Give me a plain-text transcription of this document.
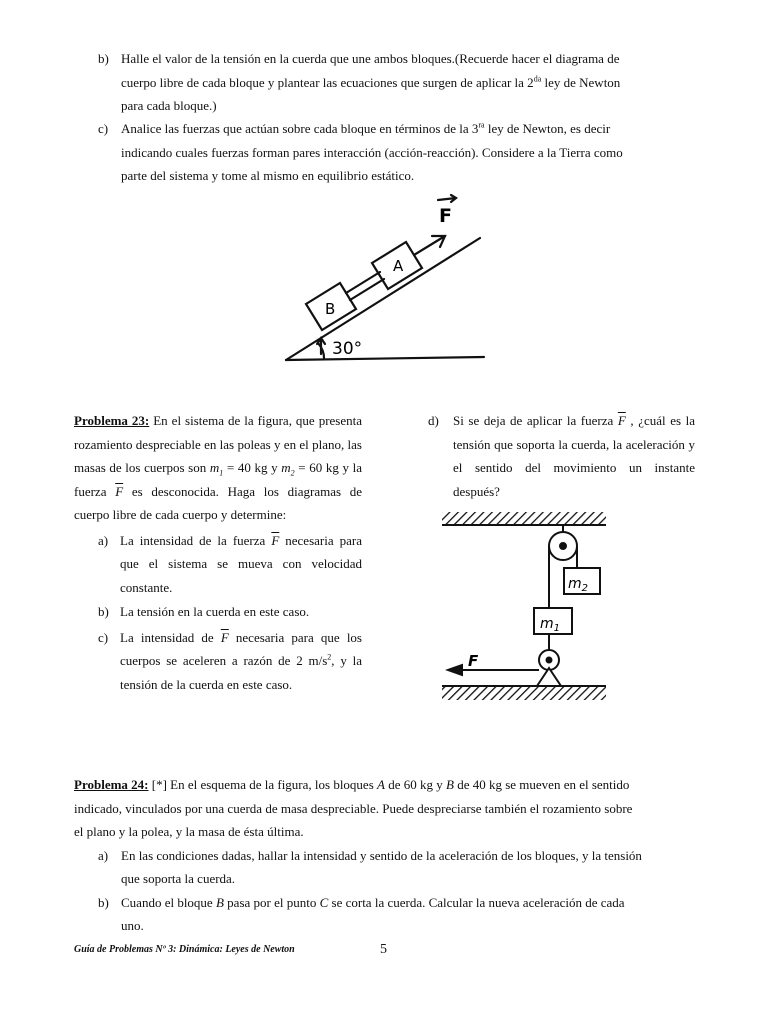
b) Halle el valor de la tensión en la cuerda que une ambos bloques.(Recuerde hacer el diagrama de
cuerpo libre de cada bloque y plantear las ecuaciones que surgen de aplicar la $2^{da}$ ley de Newton
para cada bloque.)
c) Analice las fuerzas que actúan sobre cada bloque en términos de la $3^{ra}$ ley de Newton, es decir
indicando cuales fuerzas forman pares interacción (acción-reacción). Considere a la Tierra como
parte del sistema y tome al mismo en equilibrio estático.
F
A
B
30°
Problema 23: En el sistema de la figura, que presenta rozamiento despreciable en las poleas y en el plano, las masas de los cuerpos son $m_1 = 40$ kg y $m_2 = 60$ kg y la fuerza $\overline{F}$ es desconocida. Haga los diagramas de cuerpo libre de cada cuerpo y determine:
a) La intensidad de la fuerza $\overline{F}$ necesaria para que el sistema se mueva con velocidad constante.
b) La tensión en la cuerda en este caso.
c) La intensidad de $\overline{F}$ necesaria para que los cuerpos se aceleren a razón de 2 $m/s^2$, y la tensión de la cuerda en este caso.
d) Si se deja de aplicar la fuerza $\overline{F}$ , ¿cuál es la tensión que soporta la cuerda, la aceleración y el sentido del movimiento un instante después?
$m_2$
$m_1$
F
Problema 24: [*] En el esquema de la figura, los bloques A de 60 kg y B de 40 kg se mueven en el sentido
indicado, vinculados por una cuerda de masa despreciable. Puede despreciarse también el rozamiento sobre
el plano y la polea, y la masa de ésta última.
a) En las condiciones dadas, hallar la intensidad y sentido de la aceleración de los bloques, y la tensión
que soporta la cuerda.
b) Cuando el bloque B pasa por el punto C se corta la cuerda. Calcular la nueva aceleración de cada
uno.
Guía de Problemas Nº 3: Dinámica: Leyes de Newton	5
